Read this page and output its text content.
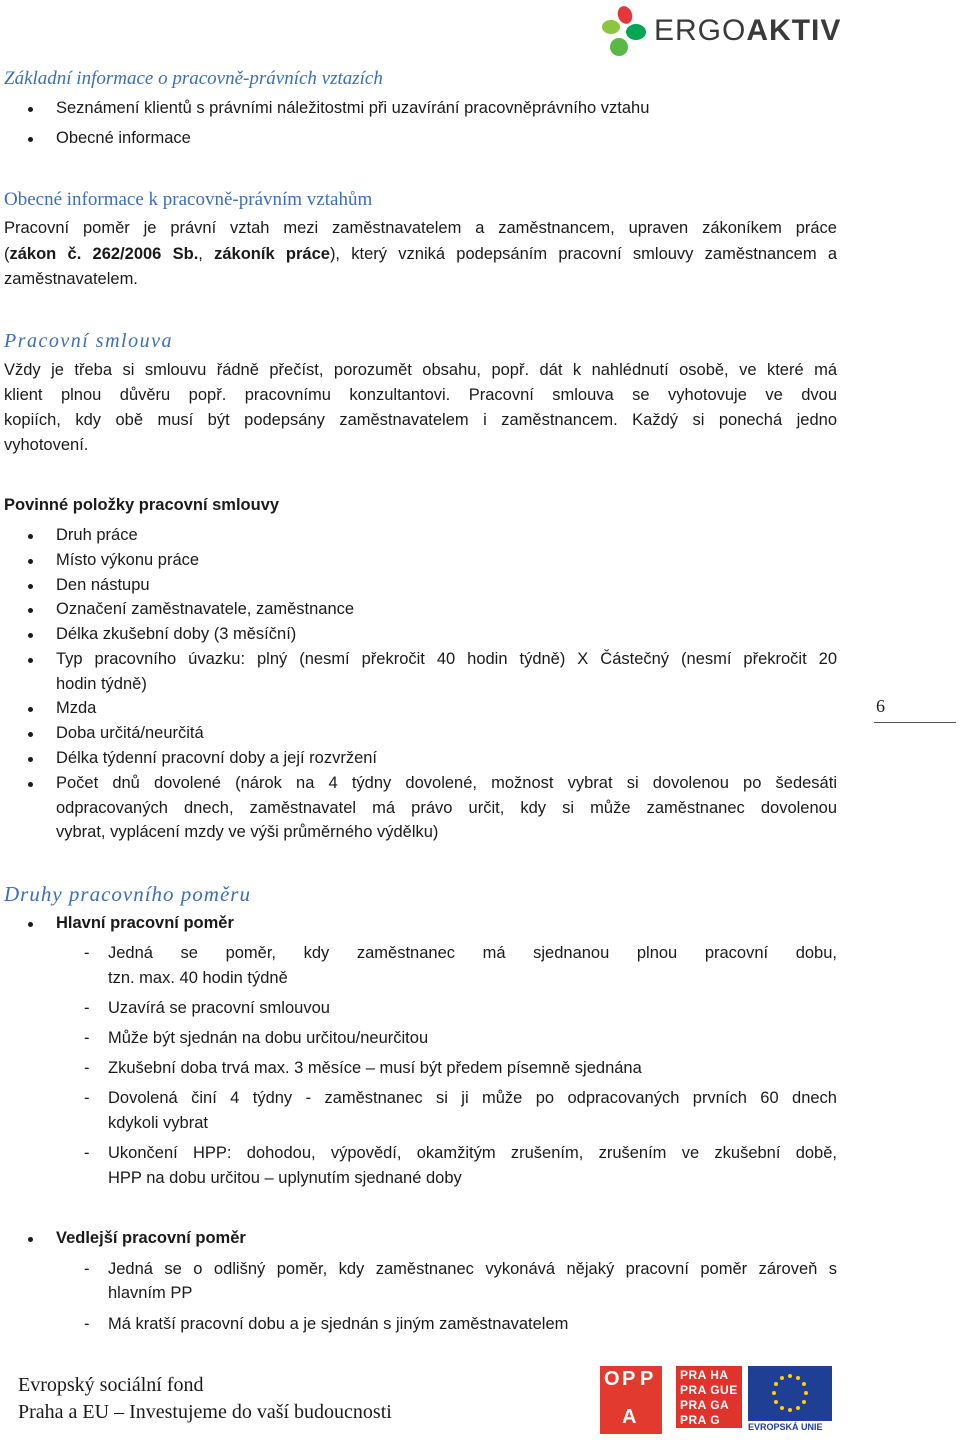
ERGOAKTIV
Základní informace o pracovně-právních vztazích
Seznámení klientů s právními náležitostmi při uzavírání pracovněprávního vztahu
Obecné informace
Obecné informace k pracovně-právním vztahům
Pracovní poměr je právní vztah mezi zaměstnavatelem a zaměstnancem, upraven zákoníkem práce
(zákon č. 262/2006 Sb., zákoník práce), který vzniká podepsáním pracovní smlouvy zaměstnancem a
zaměstnavatelem.
Pracovní smlouva
Vždy je třeba si smlouvu řádně přečíst, porozumět obsahu, popř. dát k nahlédnutí osobě, ve které má
klient plnou důvěru popř. pracovnímu konzultantovi. Pracovní smlouva se vyhotovuje ve dvou
kopiích, kdy obě musí být podepsány zaměstnavatelem i zaměstnancem. Každý si ponechá jedno
vyhotovení.
Povinné položky pracovní smlouvy
Druh práce
Místo výkonu práce
Den nástupu
Označení zaměstnavatele, zaměstnance
Délka zkušební doby (3 měsíční)
Typ pracovního úvazku: plný (nesmí překročit 40 hodin týdně) X Částečný (nesmí překročit 20
hodin týdně)
Mzda
Doba určitá/neurčitá
Délka týdenní pracovní doby a její rozvržení
Počet dnů dovolené (nárok na 4 týdny dovolené, možnost vybrat si dovolenou po šedesáti
odpracovaných dnech, zaměstnavatel má právo určit, kdy si může zaměstnanec dovolenou
vybrat, vyplácení mzdy ve výši průměrného výdělku)
6
Druhy pracovního poměru
Hlavní pracovní poměr
- Jedná se poměr, kdy zaměstnanec má sjednanou plnou pracovní dobu,
tzn. max. 40 hodin týdně
- Uzavírá se pracovní smlouvou
- Může být sjednán na dobu určitou/neurčitou
- Zkušební doba trvá max. 3 měsíce – musí být předem písemně sjednána
- Dovolená činí 4 týdny - zaměstnanec si ji může po odpracovaných prvních 60 dnech
kdykoli vybrat
- Ukončení HPP: dohodou, výpovědí, okamžitým zrušením, zrušením ve zkušební době,
HPP na dobu určitou – uplynutím sjednané doby
Vedlejší pracovní poměr
- Jedná se o odlišný poměr, kdy zaměstnanec vykonává nějaký pracovní poměr zároveň s
hlavním PP
- Má kratší pracovní dobu a je sjednán s jiným zaměstnavatelem
Evropský sociální fond
Praha a EU – Investujeme do vaší budoucnosti
O P P
A
PRA HA
PRA GUE
PRA GA
PRA G	EVROPSKÁ UNIE
